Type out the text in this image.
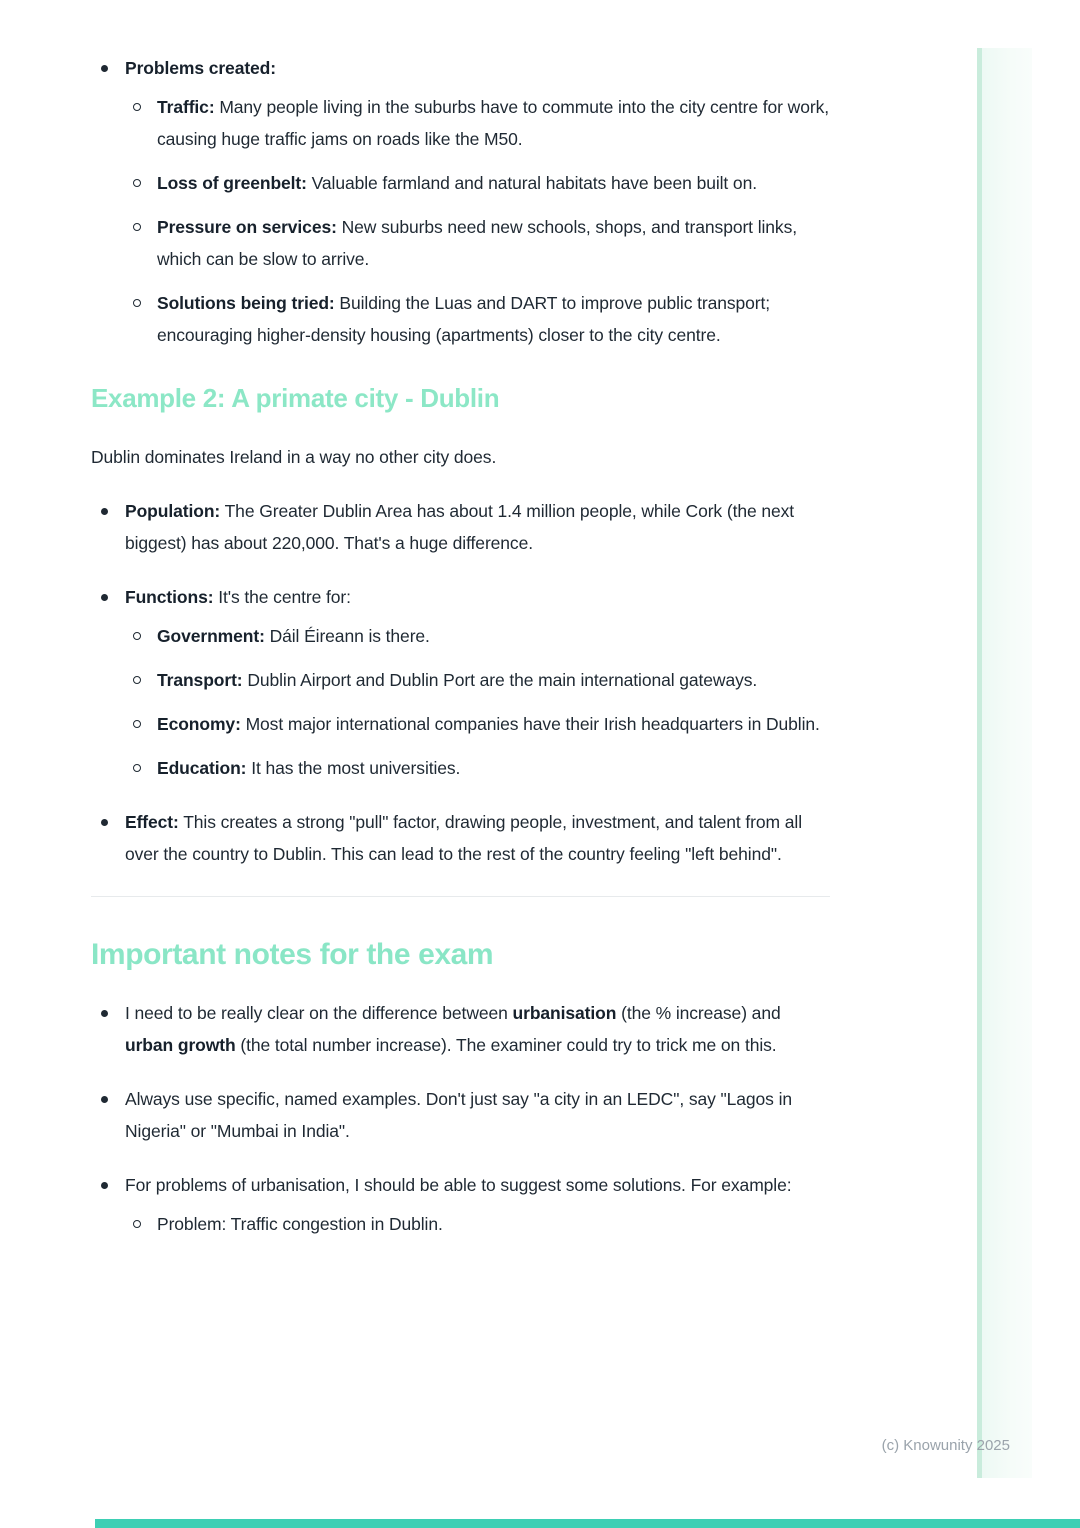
Problems created:
Traffic: Many people living in the suburbs have to commute into the city centre for work, causing huge traffic jams on roads like the M50.
Loss of greenbelt: Valuable farmland and natural habitats have been built on.
Pressure on services: New suburbs need new schools, shops, and transport links, which can be slow to arrive.
Solutions being tried: Building the Luas and DART to improve public transport; encouraging higher-density housing (apartments) closer to the city centre.
Example 2: A primate city - Dublin
Dublin dominates Ireland in a way no other city does.
Population: The Greater Dublin Area has about 1.4 million people, while Cork (the next biggest) has about 220,000. That's a huge difference.
Functions: It's the centre for:
Government: Dáil Éireann is there.
Transport: Dublin Airport and Dublin Port are the main international gateways.
Economy: Most major international companies have their Irish headquarters in Dublin.
Education: It has the most universities.
Effect: This creates a strong "pull" factor, drawing people, investment, and talent from all over the country to Dublin. This can lead to the rest of the country feeling "left behind".
Important notes for the exam
I need to be really clear on the difference between urbanisation (the % increase) and urban growth (the total number increase). The examiner could try to trick me on this.
Always use specific, named examples. Don't just say "a city in an LEDC", say "Lagos in Nigeria" or "Mumbai in India".
For problems of urbanisation, I should be able to suggest some solutions. For example:
Problem: Traffic congestion in Dublin.
(c) Knowunity 2025
